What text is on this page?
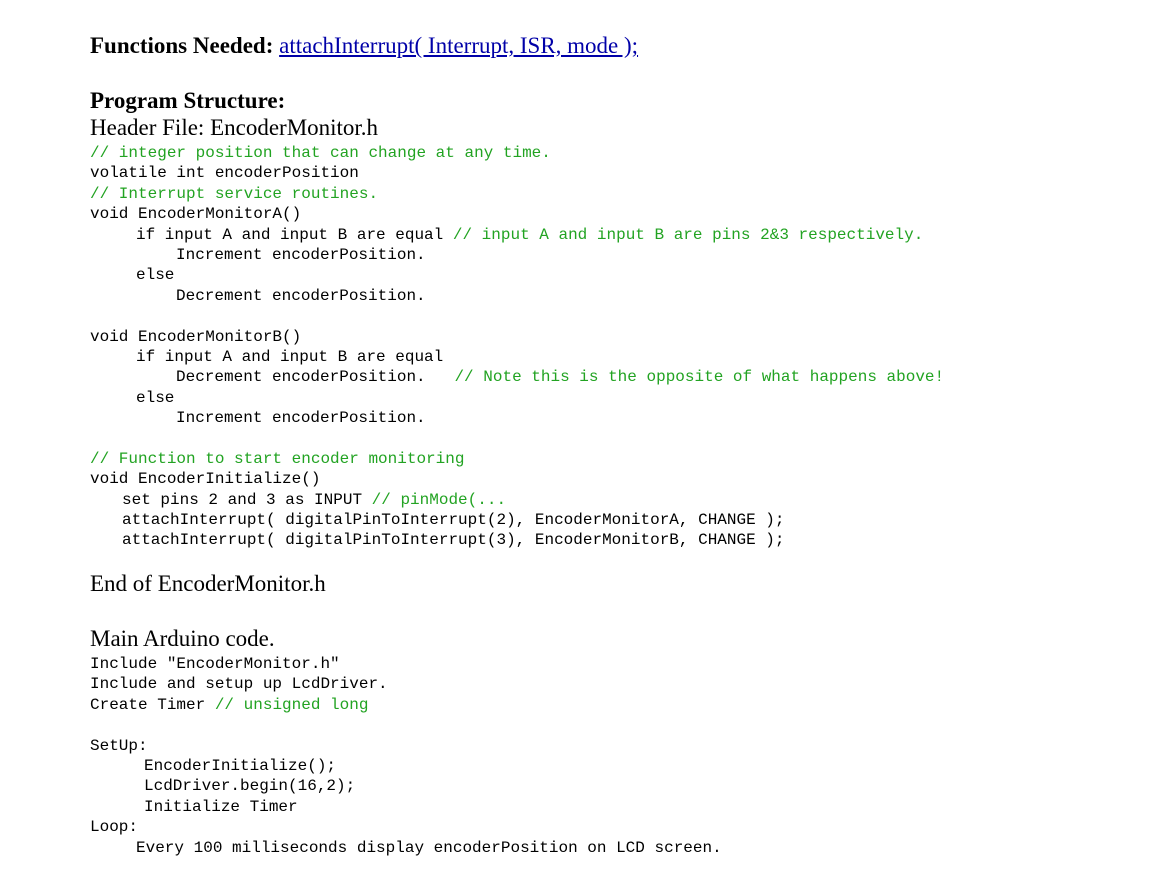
Functions Needed: attachInterrupt( Interrupt, ISR, mode );
Program Structure:
Header File: EncoderMonitor.h
// integer position that can change at any time.
volatile int encoderPosition
// Interrupt service routines.
void EncoderMonitorA()
if input A and input B are equal // input A and input B are pins 2&3 respectively.
Increment encoderPosition.
else
Decrement encoderPosition.
void EncoderMonitorB()
if input A and input B are equal
Decrement encoderPosition.   // Note this is the opposite of what happens above!
else
Increment encoderPosition.
// Function to start encoder monitoring
void EncoderInitialize()
set pins 2 and 3 as INPUT // pinMode(...
attachInterrupt( digitalPinToInterrupt(2), EncoderMonitorA, CHANGE );
attachInterrupt( digitalPinToInterrupt(3), EncoderMonitorB, CHANGE );
End of EncoderMonitor.h
Main Arduino code.
Include "EncoderMonitor.h"
Include and setup up LcdDriver.
Create Timer // unsigned long
SetUp:
EncoderInitialize();
LcdDriver.begin(16,2);
Initialize Timer
Loop:
Every 100 milliseconds display encoderPosition on LCD screen.
